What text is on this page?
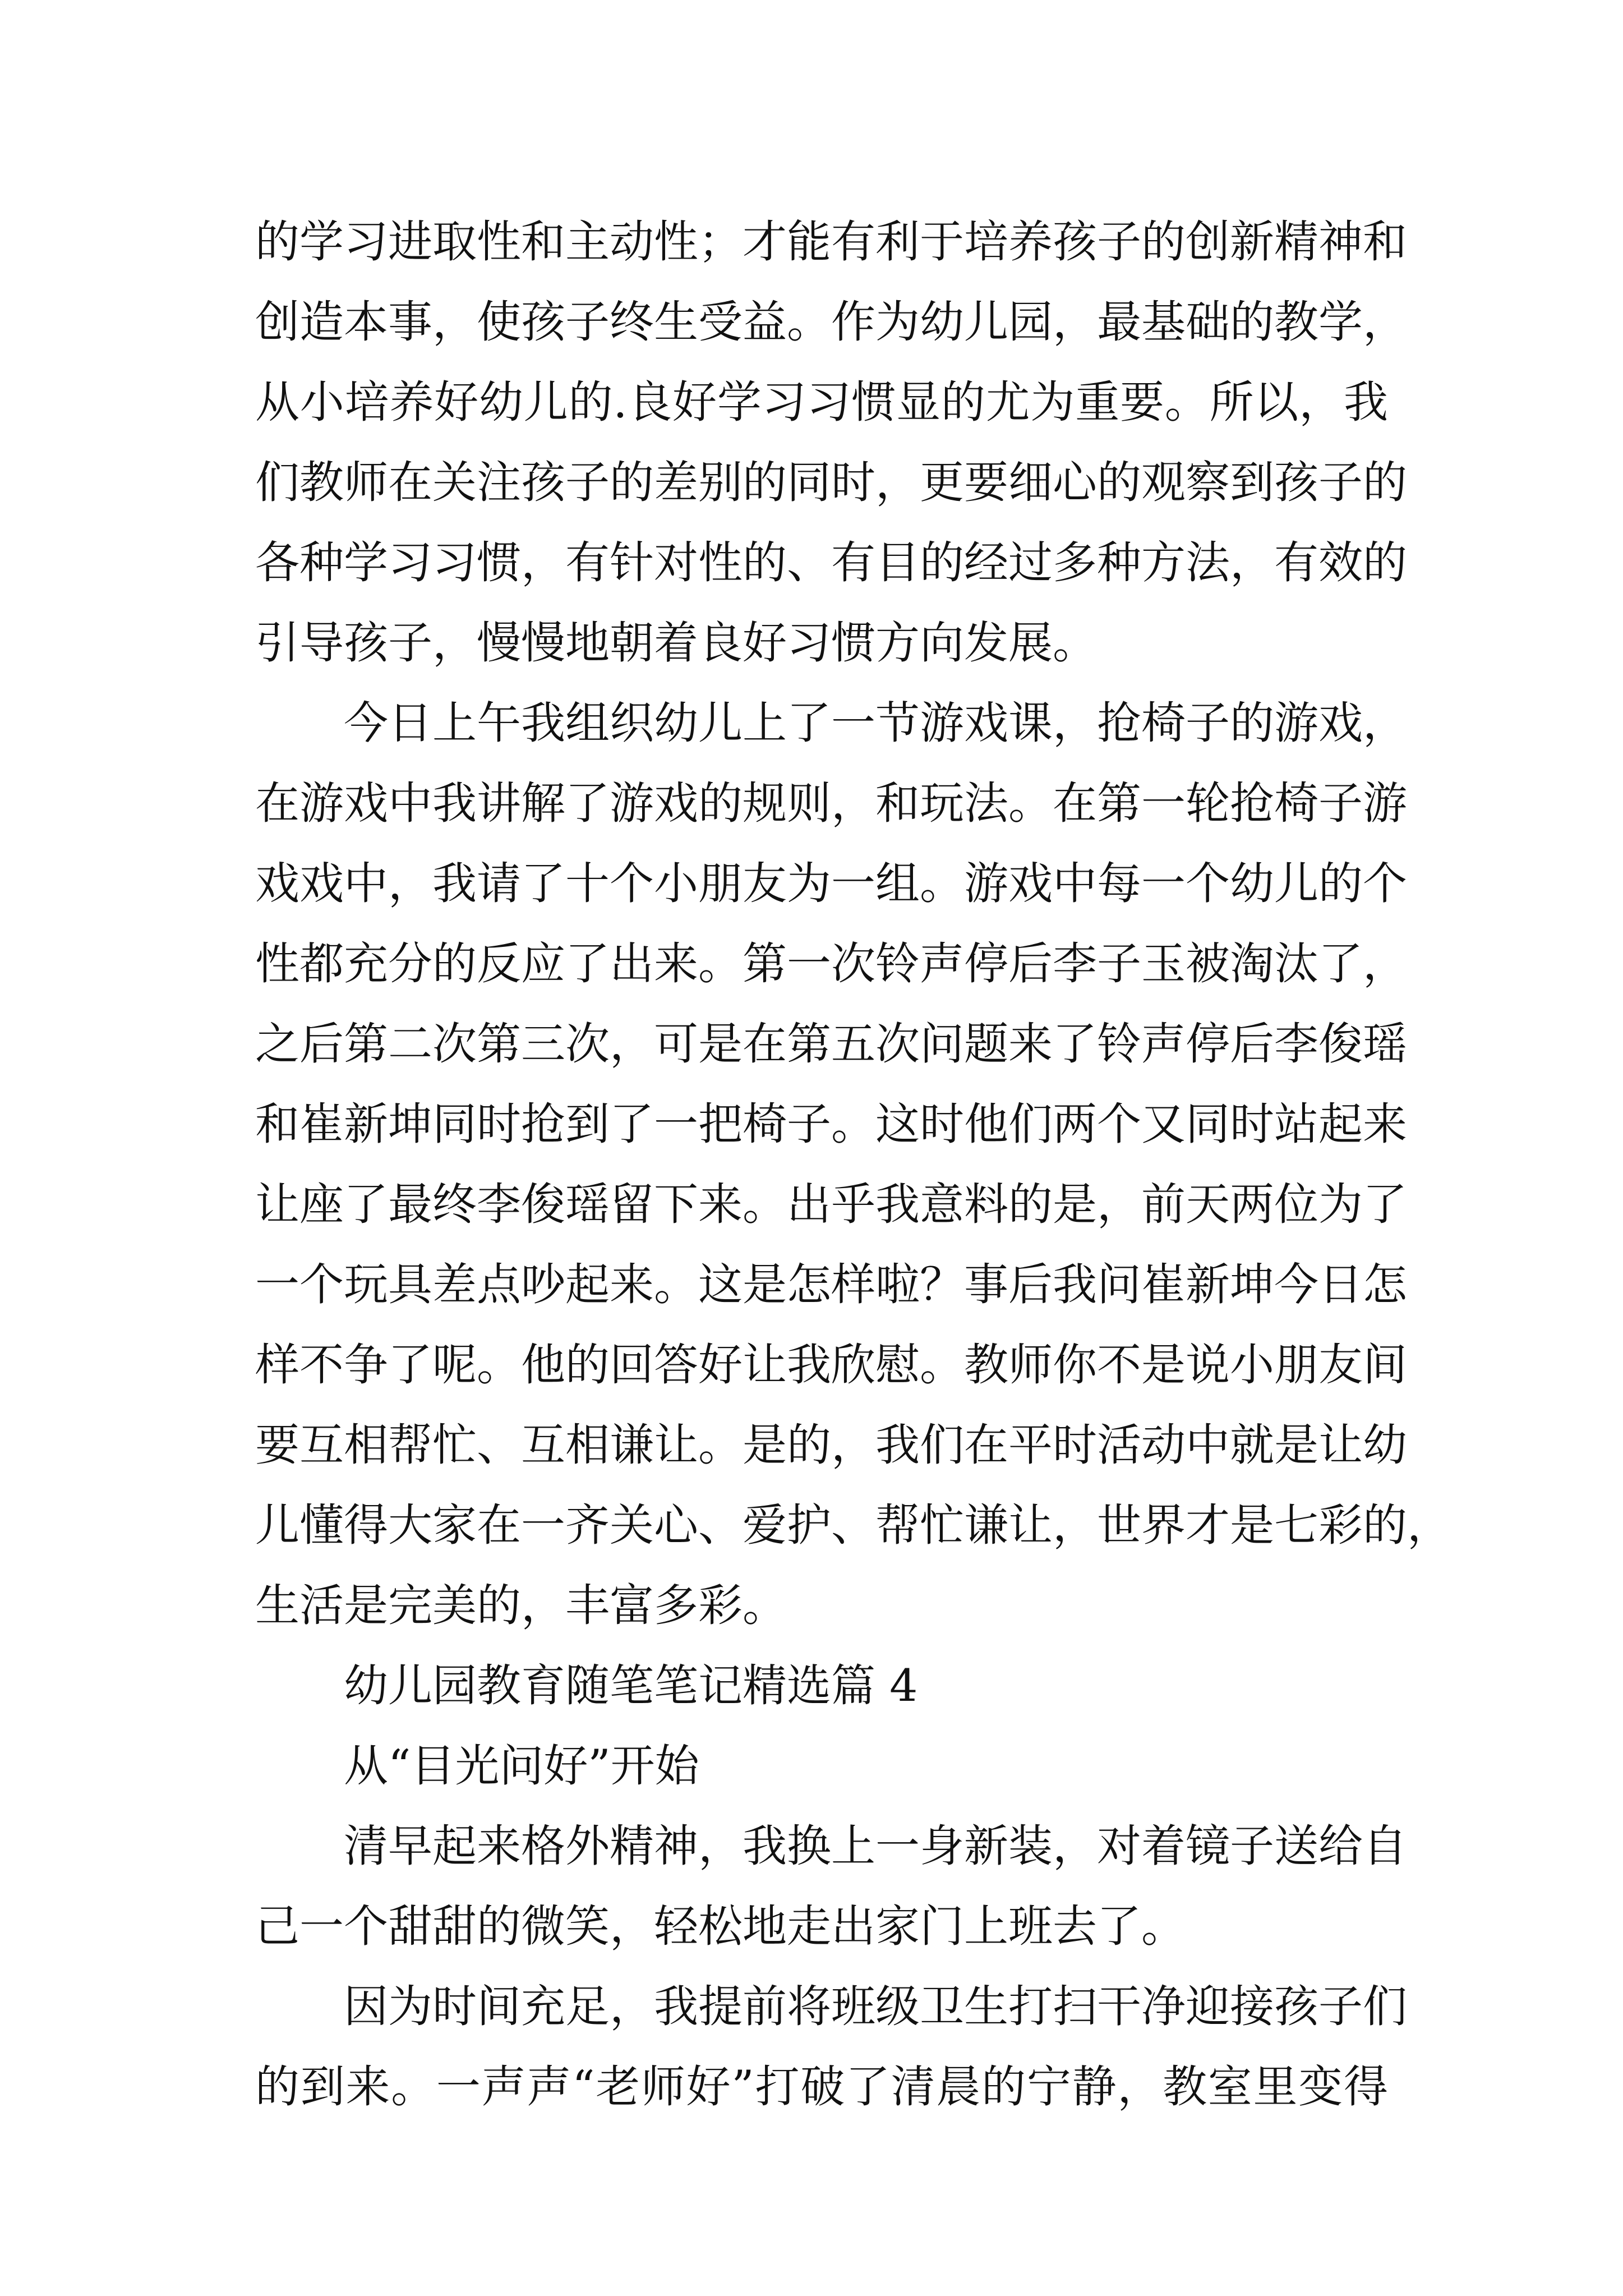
的学习进取性和主动性；才能有利于培养孩子的创新精神和
创造本事，使孩子终生受益。作为幼儿园，最基础的教学，
从小培养好幼儿的.良好学习习惯显的尤为重要。所以，我
们教师在关注孩子的差别的同时，更要细心的观察到孩子的
各种学习习惯，有针对性的、有目的经过多种方法，有效的
引导孩子，慢慢地朝着良好习惯方向发展。
今日上午我组织幼儿上了一节游戏课，抢椅子的游戏，
在游戏中我讲解了游戏的规则，和玩法。在第一轮抢椅子游
戏戏中，我请了十个小朋友为一组。游戏中每一个幼儿的个
性都充分的反应了出来。第一次铃声停后李子玉被淘汰了，
之后第二次第三次，可是在第五次问题来了铃声停后李俊瑶
和崔新坤同时抢到了一把椅子。这时他们两个又同时站起来
让座了最终李俊瑶留下来。出乎我意料的是，前天两位为了
一个玩具差点吵起来。这是怎样啦？事后我问崔新坤今日怎
样不争了呢。他的回答好让我欣慰。教师你不是说小朋友间
要互相帮忙、互相谦让。是的，我们在平时活动中就是让幼
儿懂得大家在一齐关心、爱护、帮忙谦让，世界才是七彩的，
生活是完美的，丰富多彩。
幼儿园教育随笔笔记精选篇 4
从“目光问好”开始
清早起来格外精神，我换上一身新装，对着镜子送给自
己一个甜甜的微笑，轻松地走出家门上班去了。
因为时间充足，我提前将班级卫生打扫干净迎接孩子们
的到来。一声声“老师好”打破了清晨的宁静，教室里变得
